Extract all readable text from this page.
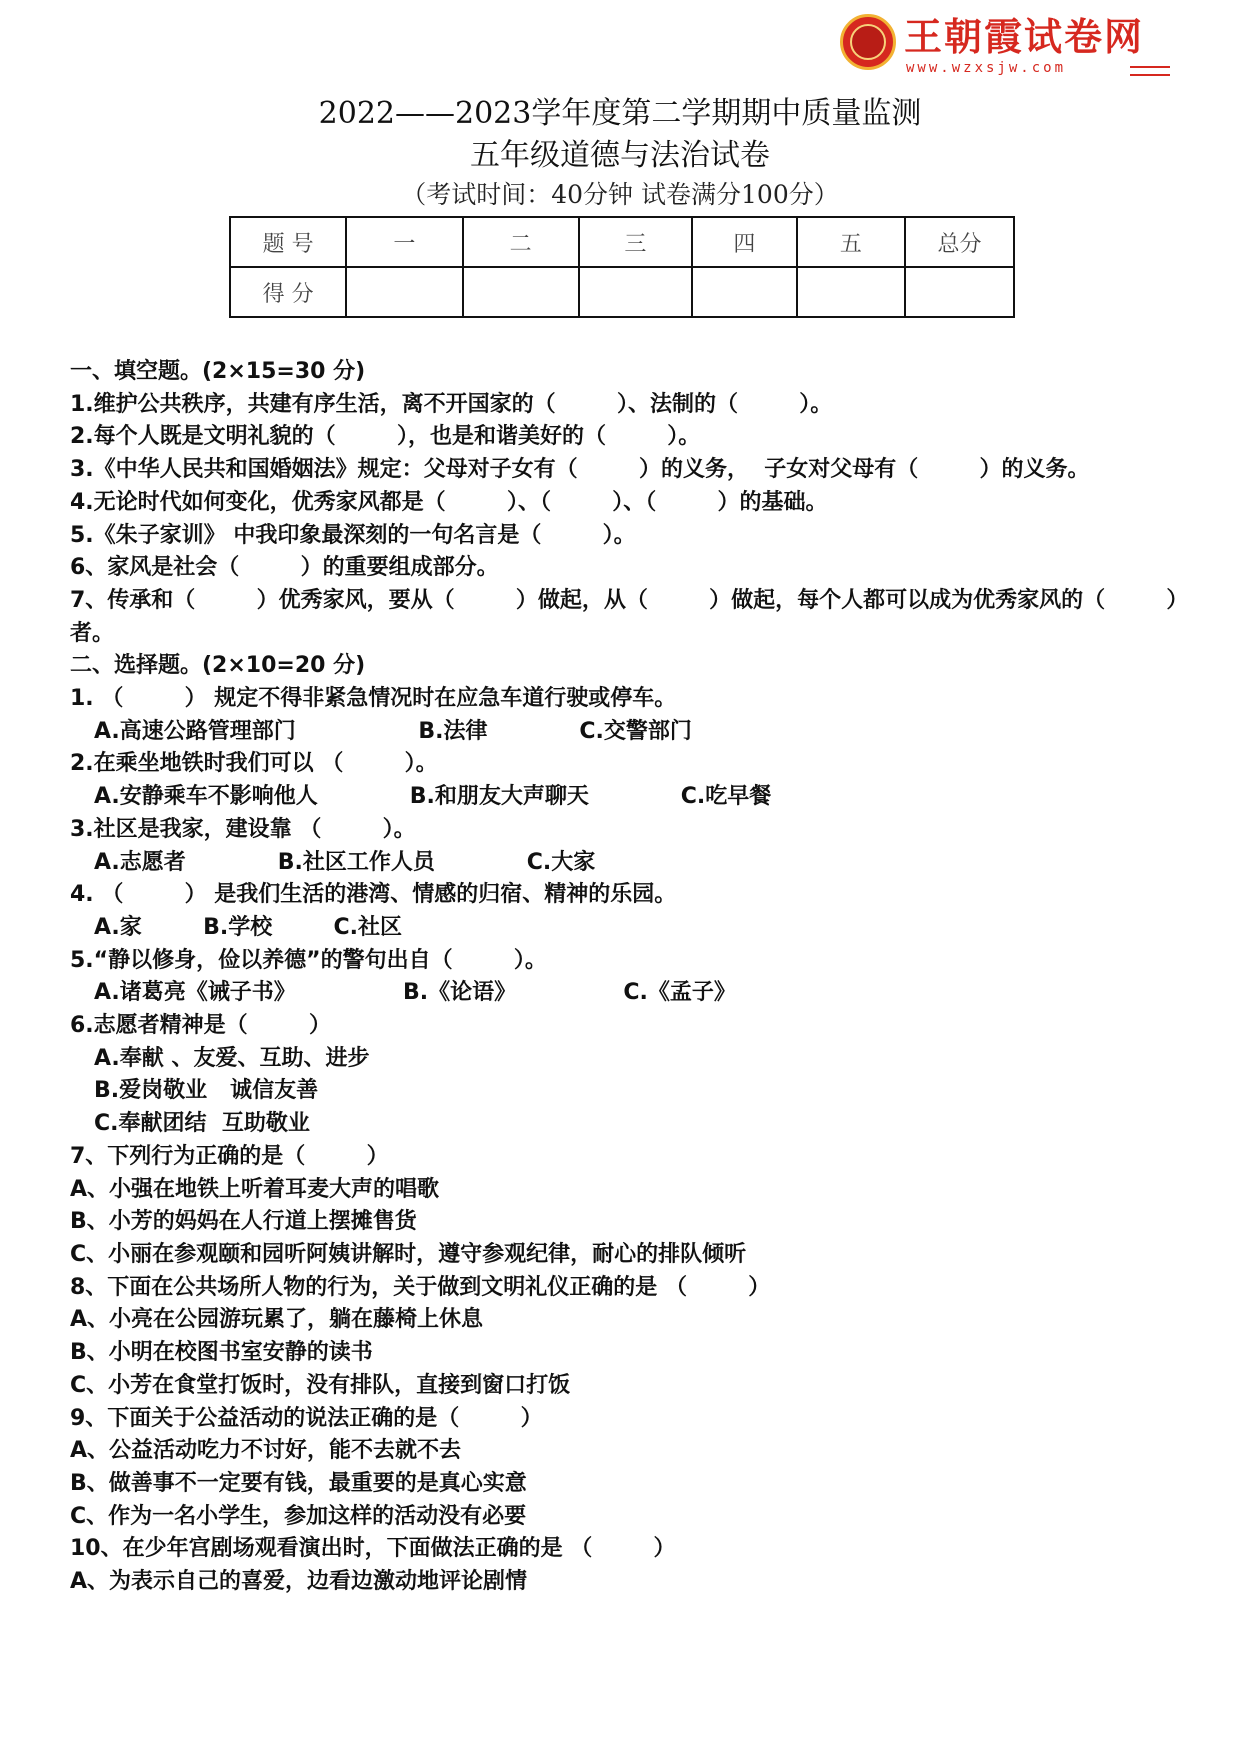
王朝霞试卷网
www.wzxsjw.com
2022——2023学年度第二学期期中质量监测
五年级道德与法治试卷
（考试时间：40分钟 试卷满分100分）
题 号	一	二	三	四	五	总分
得 分						

一、填空题。(2×15=30 分)

1.维护公共秩序，共建有序生活，离不开国家的（        ）、法制的（        ）。

2.每个人既是文明礼貌的（        ），也是和谐美好的（        ）。

3.《中华人民共和国婚姻法》规定：父母对子女有（        ）的义务，  子女对父母有（        ）的义务。

4.无论时代如何变化，优秀家风都是（        ）、（        ）、（        ）的基础。

5.《朱子家训》 中我印象最深刻的一句名言是（        ）。

6、家风是社会（        ）的重要组成部分。

7、传承和（        ）优秀家风，要从（        ）做起，从（        ）做起，每个人都可以成为优秀家风的（        ）者。

二、选择题。(2×10=20 分)

1. （        ） 规定不得非紧急情况时在应急车道行驶或停车。

A.高速公路管理部门                B.法律            C.交警部门

2.在乘坐地铁时我们可以 （        ）。

A.安静乘车不影响他人            B.和朋友大声聊天            C.吃早餐

3.社区是我家，建设靠 （        ）。

A.志愿者            B.社区工作人员            C.大家

4. （        ） 是我们生活的港湾、情感的归宿、精神的乐园。

A.家        B.学校        C.社区

5.“静以修身，俭以养德”的警句出自（        ）。

A.诸葛亮《诫子书》              B.《论语》              C.《孟子》

6.志愿者精神是（        ）

A.奉献 、友爱、互助、进步

B.爱岗敬业   诚信友善

C.奉献团结  互助敬业

7、下列行为正确的是（        ）

A、小强在地铁上听着耳麦大声的唱歌

B、小芳的妈妈在人行道上摆摊售货

C、小丽在参观颐和园听阿姨讲解时，遵守参观纪律，耐心的排队倾听

8、下面在公共场所人物的行为，关于做到文明礼仪正确的是 （        ）

A、小亮在公园游玩累了，躺在藤椅上休息

B、小明在校图书室安静的读书

C、小芳在食堂打饭时，没有排队，直接到窗口打饭

9、下面关于公益活动的说法正确的是（        ）

A、公益活动吃力不讨好，能不去就不去

B、做善事不一定要有钱，最重要的是真心实意

C、作为一名小学生，参加这样的活动没有必要

10、在少年宫剧场观看演出时，下面做法正确的是 （        ）

A、为表示自己的喜爱，边看边激动地评论剧情
